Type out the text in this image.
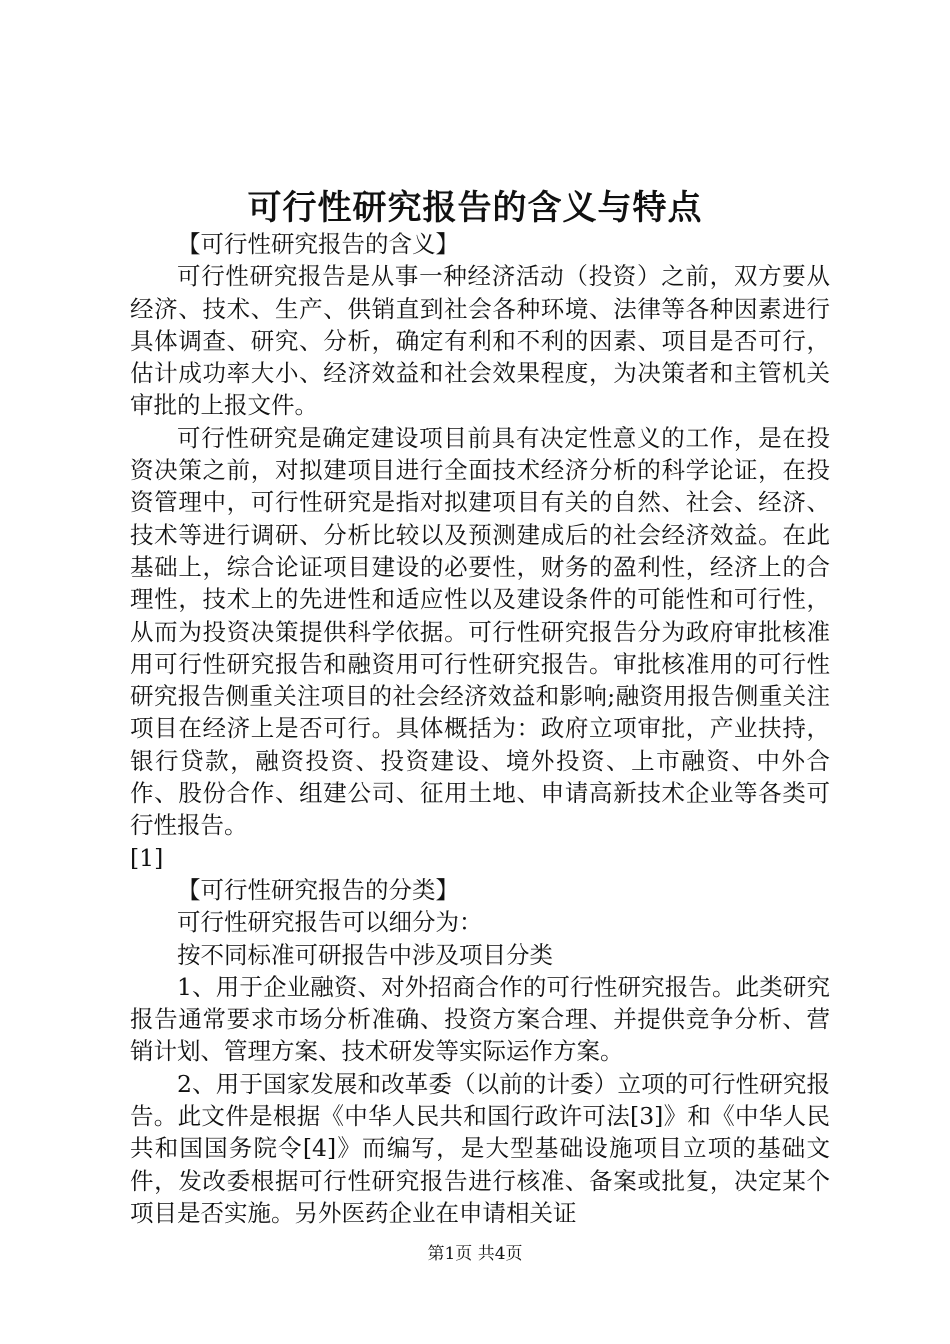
可行性研究报告的含义与特点

【可行性研究报告的含义】

可行性研究报告是从事一种经济活动（投资）之前，双方要从经济、技术、生产、供销直到社会各种环境、法律等各种因素进行具体调查、研究、分析，确定有利和不利的因素、项目是否可行，估计成功率大小、经济效益和社会效果程度，为决策者和主管机关审批的上报文件。

可行性研究是确定建设项目前具有决定性意义的工作，是在投资决策之前，对拟建项目进行全面技术经济分析的科学论证，在投资管理中，可行性研究是指对拟建项目有关的自然、社会、经济、技术等进行调研、分析比较以及预测建成后的社会经济效益。在此基础上，综合论证项目建设的必要性，财务的盈利性，经济上的合理性，技术上的先进性和适应性以及建设条件的可能性和可行性，从而为投资决策提供科学依据。可行性研究报告分为政府审批核准用可行性研究报告和融资用可行性研究报告。审批核准用的可行性研究报告侧重关注项目的社会经济效益和影响;融资用报告侧重关注项目在经济上是否可行。具体概括为：政府立项审批，产业扶持，银行贷款，融资投资、投资建设、境外投资、上市融资、中外合作、股份合作、组建公司、征用土地、申请高新技术企业等各类可行性报告。

[1]

【可行性研究报告的分类】

可行性研究报告可以细分为：

按不同标准可研报告中涉及项目分类

1、用于企业融资、对外招商合作的可行性研究报告。此类研究报告通常要求市场分析准确、投资方案合理、并提供竞争分析、营销计划、管理方案、技术研发等实际运作方案。

2、用于国家发展和改革委（以前的计委）立项的可行性研究报告。此文件是根据《中华人民共和国行政许可法[3]》和《中华人民共和国国务院令[4]》而编写，是大型基础设施项目立项的基础文件，发改委根据可行性研究报告进行核准、备案或批复，决定某个项目是否实施。另外医药企业在申请相关证

第1页 共4页
